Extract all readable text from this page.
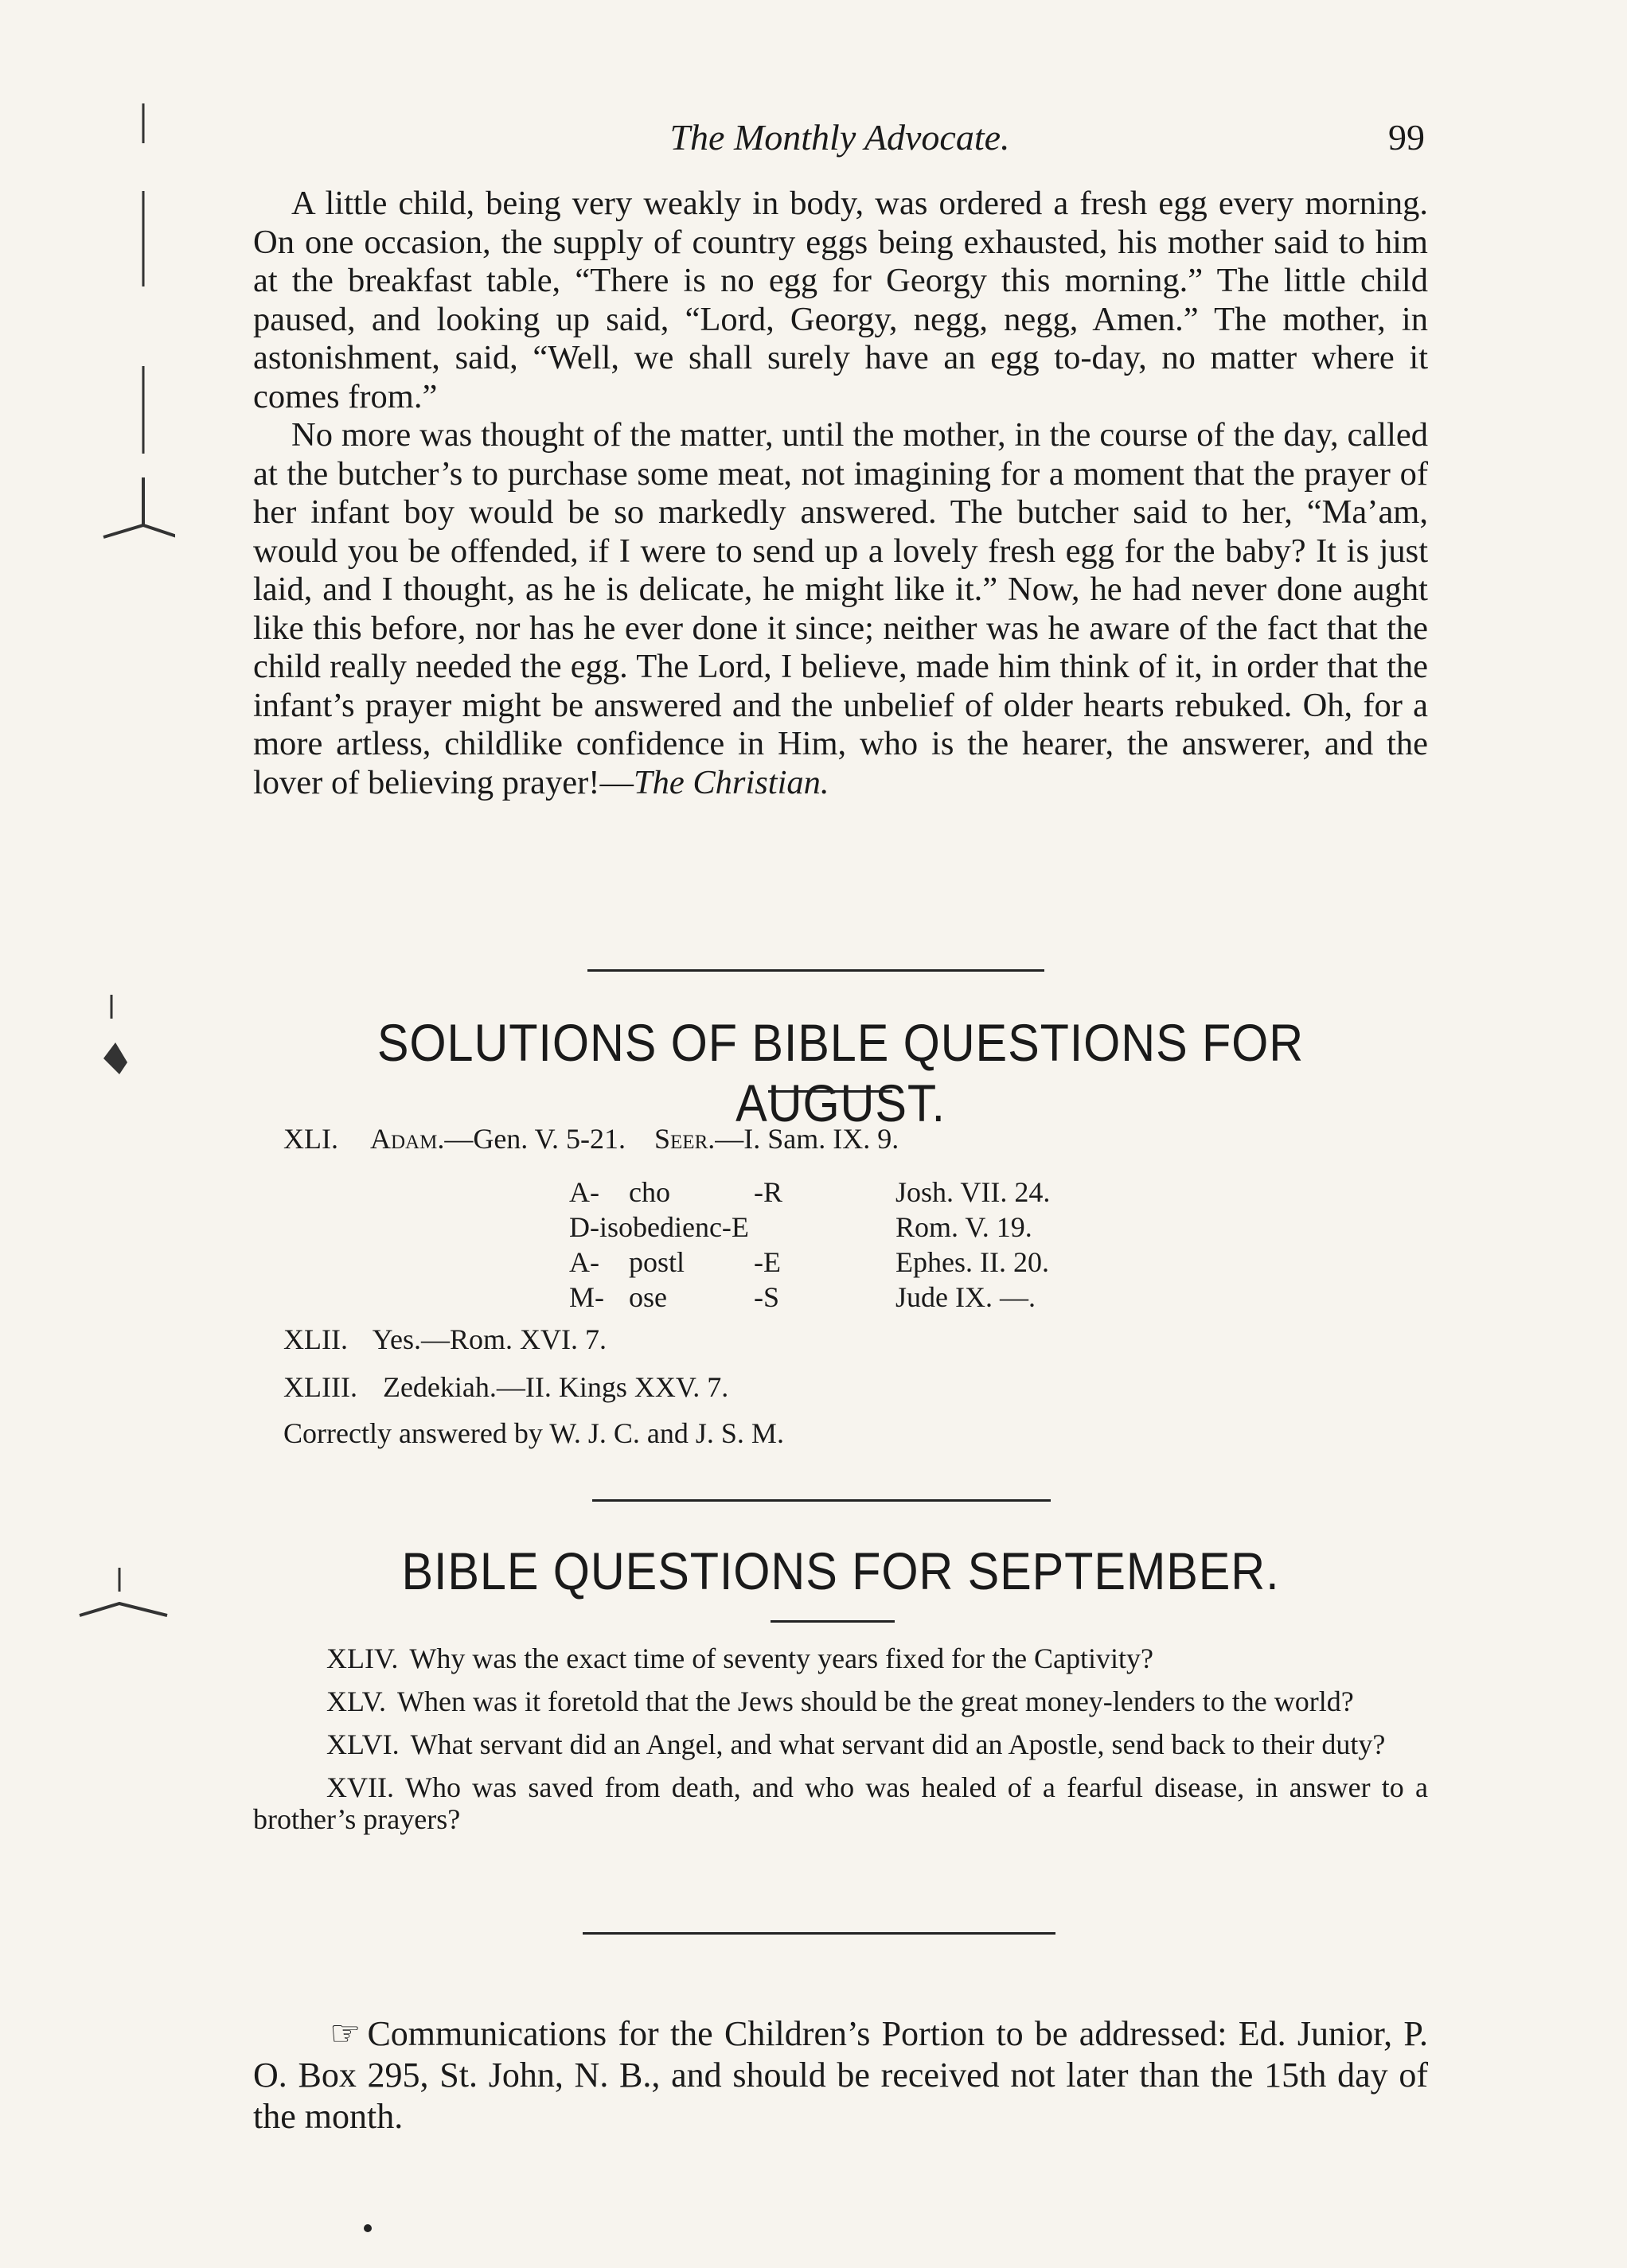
The Monthly Advocate.	99

A little child, being very weakly in body, was ordered a fresh egg every morning. On one occasion, the supply of country eggs being exhausted, his mother said to him at the breakfast table, “There is no egg for Georgy this morning.” The little child paused, and looking up said, “Lord, Georgy, negg, negg, Amen.” The mother, in astonishment, said, “Well, we shall surely have an egg to-day, no matter where it comes from.”

No more was thought of the matter, until the mother, in the course of the day, called at the butcher’s to purchase some meat, not imagining for a moment that the prayer of her infant boy would be so markedly answered. The butcher said to her, “Ma’am, would you be offended, if I were to send up a lovely fresh egg for the baby? It is just laid, and I thought, as he is delicate, he might like it.” Now, he had never done aught like this before, nor has he ever done it since; neither was he aware of the fact that the child really needed the egg. The Lord, I believe, made him think of it, in order that the infant’s prayer might be answered and the unbelief of older hearts rebuked. Oh, for a more artless, childlike confidence in Him, who is the hearer, the answerer, and the lover of believing prayer!—The Christian.

SOLUTIONS OF BIBLE QUESTIONS FOR AUGUST.
XLI. Adam.—Gen. V. 5-21. Seer.—I. Sam. IX. 9.
A- cho	-R	Josh. VII. 24.
D-isobedienc-E	Rom. V. 19.
A- postl -E	Ephes. II. 20.
M- ose	-S	Jude IX. —.
XLII. Yes.—Rom. XVI. 7.
XLIII. Zedekiah.—II. Kings XXV. 7.
Correctly answered by W. J. C. and J. S. M.
BIBLE QUESTIONS FOR SEPTEMBER.

XLIV. Why was the exact time of seventy years fixed for the Captivity?

XLV. When was it foretold that the Jews should be the great money-lenders to the world?

XLVI. What servant did an Angel, and what servant did an Apostle, send back to their duty?

XVII. Who was saved from death, and who was healed of a fearful disease, in answer to a brother’s prayers?

☞ Communications for the Children’s Portion to be addressed: Ed. Junior, P. O. Box 295, St. John, N. B., and should be received not later than the 15th day of the month.
